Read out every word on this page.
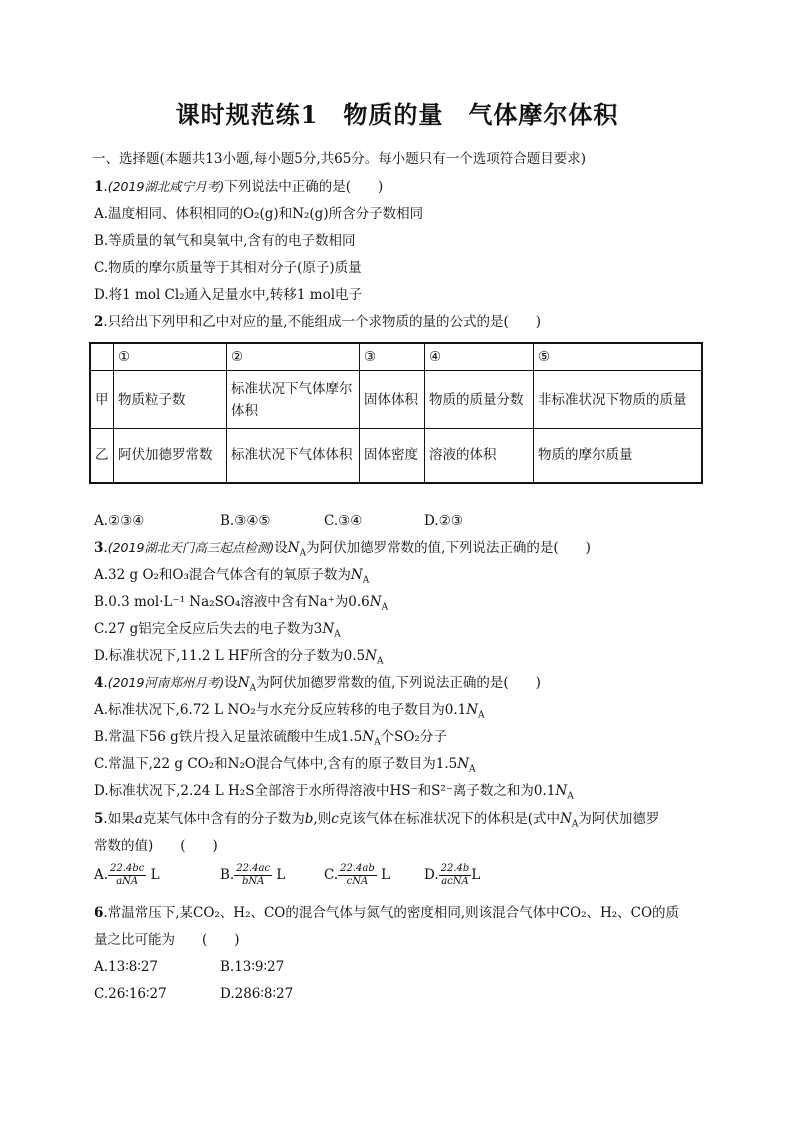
课时规范练1　物质的量　气体摩尔体积
一、选择题(本题共13小题,每小题5分,共65分。每小题只有一个选项符合题目要求)
1.(2019湖北咸宁月考)下列说法中正确的是(　　)
A.温度相同、体积相同的O₂(g)和N₂(g)所含分子数相同
B.等质量的氧气和臭氧中,含有的电子数相同
C.物质的摩尔质量等于其相对分子(原子)质量
D.将1 mol Cl₂通入足量水中,转移1 mol电子
2.只给出下列甲和乙中对应的量,不能组成一个求物质的量的公式的是(　　)
	①	②	③	④	⑤
甲	物质粒子数	标准状况下气体摩尔体积	固体体积	物质的质量分数	非标准状况下物质的质量
乙	阿伏加德罗常数	标准状况下气体体积	固体密度	溶液的体积	物质的摩尔质量
A.②③④	B.③④⑤	C.③④	D.②③
3.(2019湖北天门高三起点检测)设$N_A$为阿伏加德罗常数的值,下列说法正确的是(　　)
A.32 g O₂和O₃混合气体含有的氧原子数为$N_A$
B.0.3 mol·L⁻¹ Na₂SO₄溶液中含有Na⁺为$0.6N_A$
C.27 g铝完全反应后失去的电子数为$3N_A$
D.标准状况下,11.2 L HF所含的分子数为$0.5N_A$
4.(2019河南郑州月考)设$N_A$为阿伏加德罗常数的值,下列说法正确的是(　　)
A.标准状况下,6.72 L NO₂与水充分反应转移的电子数目为$0.1N_A$
B.常温下56 g铁片投入足量浓硫酸中生成$1.5N_A$个SO₂分子
C.常温下,22 g CO₂和N₂O混合气体中,含有的原子数目为$1.5N_A$
D.标准状况下,2.24 L H₂S全部溶于水所得溶液中HS⁻和S²⁻离子数之和为$0.1N_A$
5.如果a克某气体中含有的分子数为b,则c克该气体在标准状况下的体积是(式中$N_A$为阿伏加德罗
常数的值)　　(　　)
A. $\frac{22.4bc}{\text{aNA}}$ L	B. $\frac{22.4ac}{\text{bNA}}$ L	C. $\frac{22.4ab}{\text{cNA}}$ L	D. $\frac{22.4b}{\text{acNA}}$ L
6.常温常压下,某CO₂、H₂、CO的混合气体与氮气的密度相同,则该混合气体中CO₂、H₂、CO的质
量之比可能为　　(　　)
A.13∶8∶27	B.13∶9∶27
C.26∶16∶27	D.286∶8∶27
